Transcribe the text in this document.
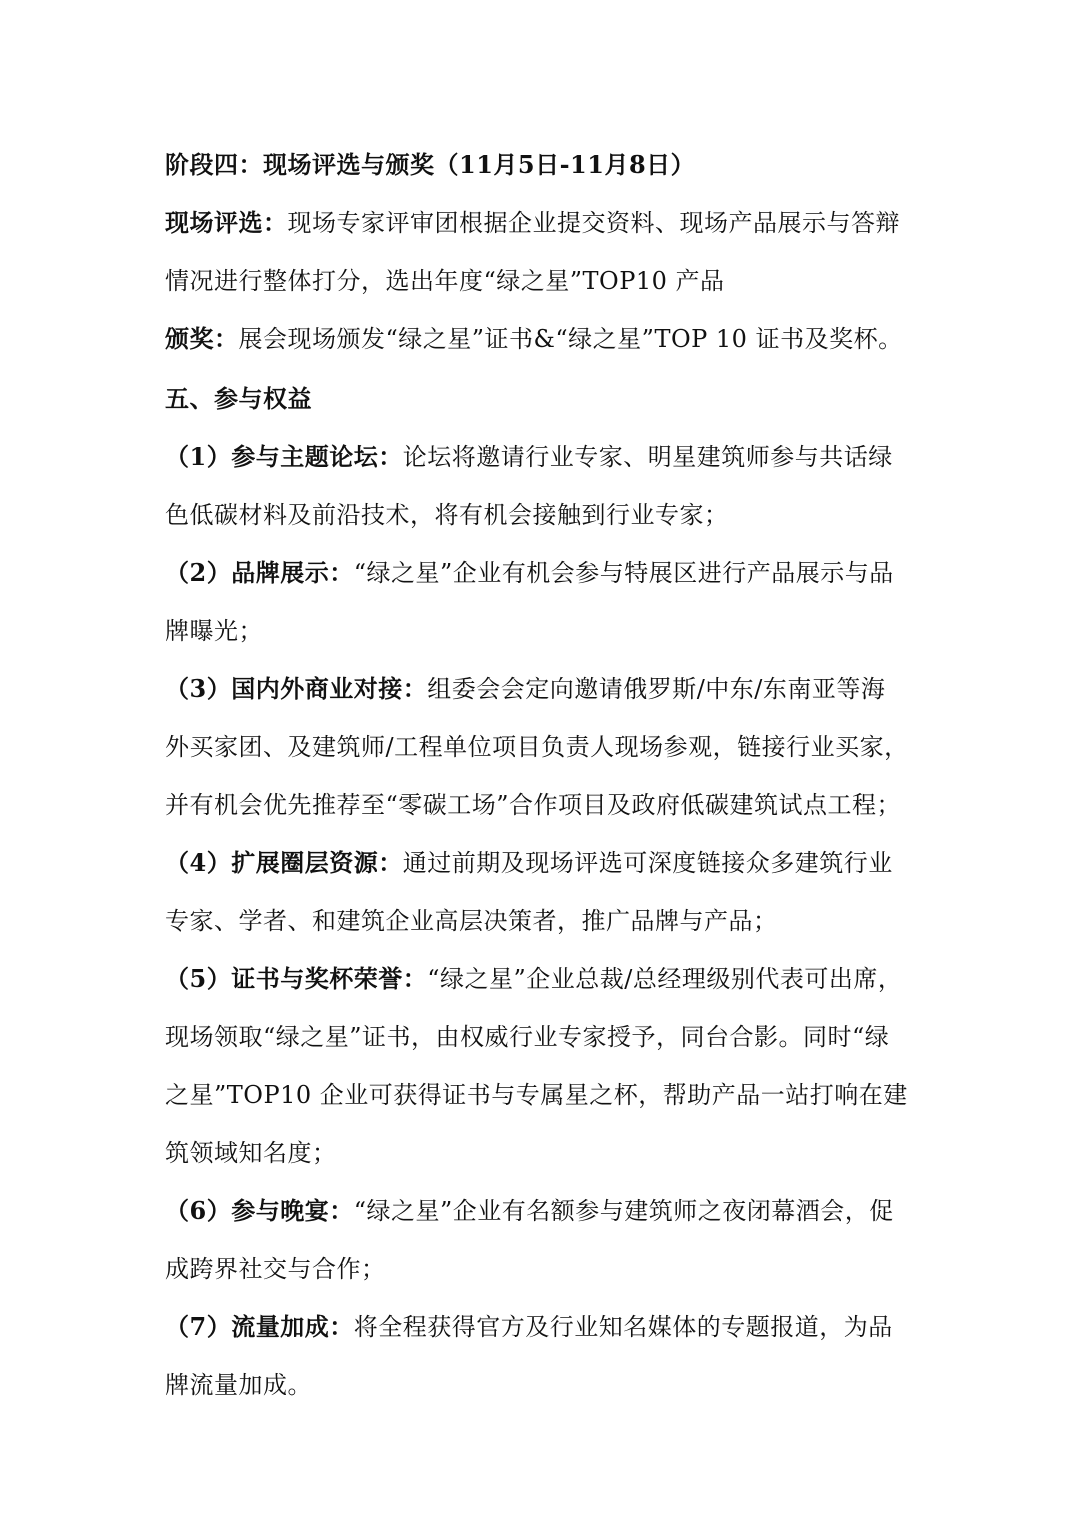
阶段四：现场评选与颁奖（11月5日-11月8日）
现场评选：现场专家评审团根据企业提交资料、现场产品展示与答辩
情况进行整体打分，选出年度“绿之星”TOP10 产品
颁奖：展会现场颁发“绿之星”证书&“绿之星”TOP 10 证书及奖杯。
五、参与权益
（1）参与主题论坛：论坛将邀请行业专家、明星建筑师参与共话绿
色低碳材料及前沿技术，将有机会接触到行业专家；
（2）品牌展示：“绿之星”企业有机会参与特展区进行产品展示与品
牌曝光；
（3）国内外商业对接：组委会会定向邀请俄罗斯/中东/东南亚等海
外买家团、及建筑师/工程单位项目负责人现场参观，链接行业买家，
并有机会优先推荐至“零碳工场”合作项目及政府低碳建筑试点工程；
（4）扩展圈层资源：通过前期及现场评选可深度链接众多建筑行业
专家、学者、和建筑企业高层决策者，推广品牌与产品；
（5）证书与奖杯荣誉：“绿之星”企业总裁/总经理级别代表可出席，
现场领取“绿之星”证书，由权威行业专家授予，同台合影。同时“绿
之星”TOP10 企业可获得证书与专属星之杯，帮助产品一站打响在建
筑领域知名度；
（6）参与晚宴：“绿之星”企业有名额参与建筑师之夜闭幕酒会，促
成跨界社交与合作；
（7）流量加成：将全程获得官方及行业知名媒体的专题报道，为品
牌流量加成。
